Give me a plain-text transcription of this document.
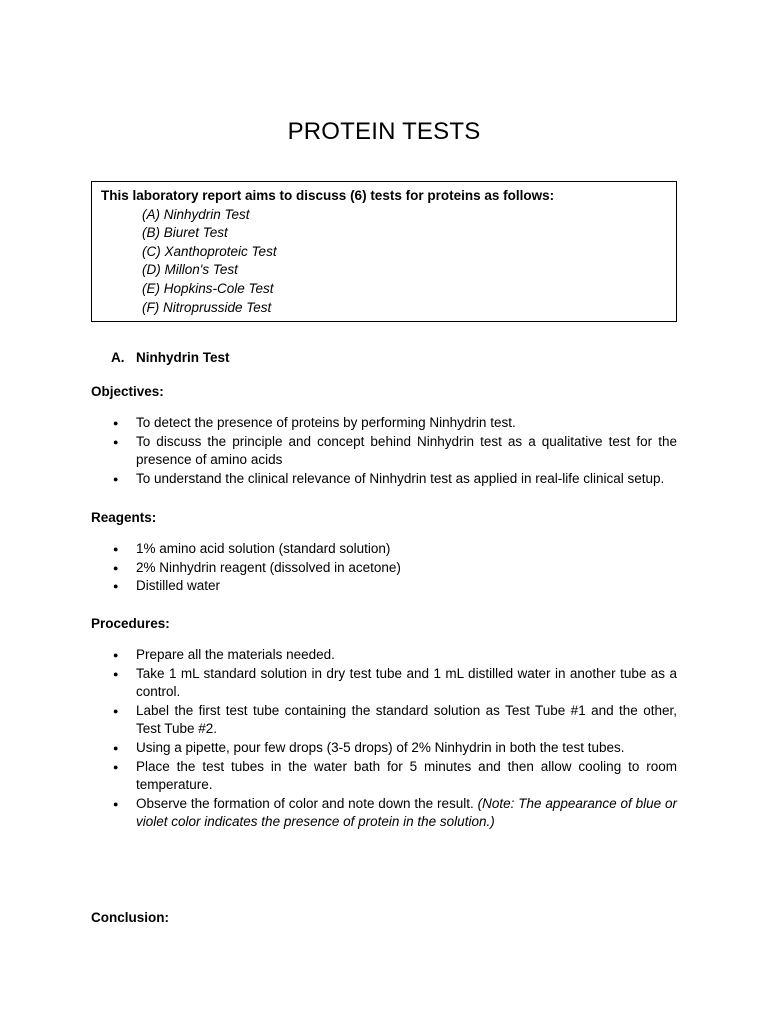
PROTEIN TESTS
This laboratory report aims to discuss (6) tests for proteins as follows:
(A) Ninhydrin Test
(B) Biuret Test
(C) Xanthoproteic Test
(D) Millon's Test
(E) Hopkins-Cole Test
(F) Nitroprusside Test
A. Ninhydrin Test
Objectives:
● To detect the presence of proteins by performing Ninhydrin test.
● To discuss the principle and concept behind Ninhydrin test as a qualitative test for the presence of amino acids
● To understand the clinical relevance of Ninhydrin test as applied in real-life clinical setup.
Reagents:
● 1% amino acid solution (standard solution)
● 2% Ninhydrin reagent (dissolved in acetone)
● Distilled water
Procedures:
● Prepare all the materials needed.
● Take 1 mL standard solution in dry test tube and 1 mL distilled water in another tube as a control.
● Label the first test tube containing the standard solution as Test Tube #1 and the other, Test Tube #2.
● Using a pipette, pour few drops (3-5 drops) of 2% Ninhydrin in both the test tubes.
● Place the test tubes in the water bath for 5 minutes and then allow cooling to room temperature.
● Observe the formation of color and note down the result. (Note: The appearance of blue or violet color indicates the presence of protein in the solution.)
Conclusion:
